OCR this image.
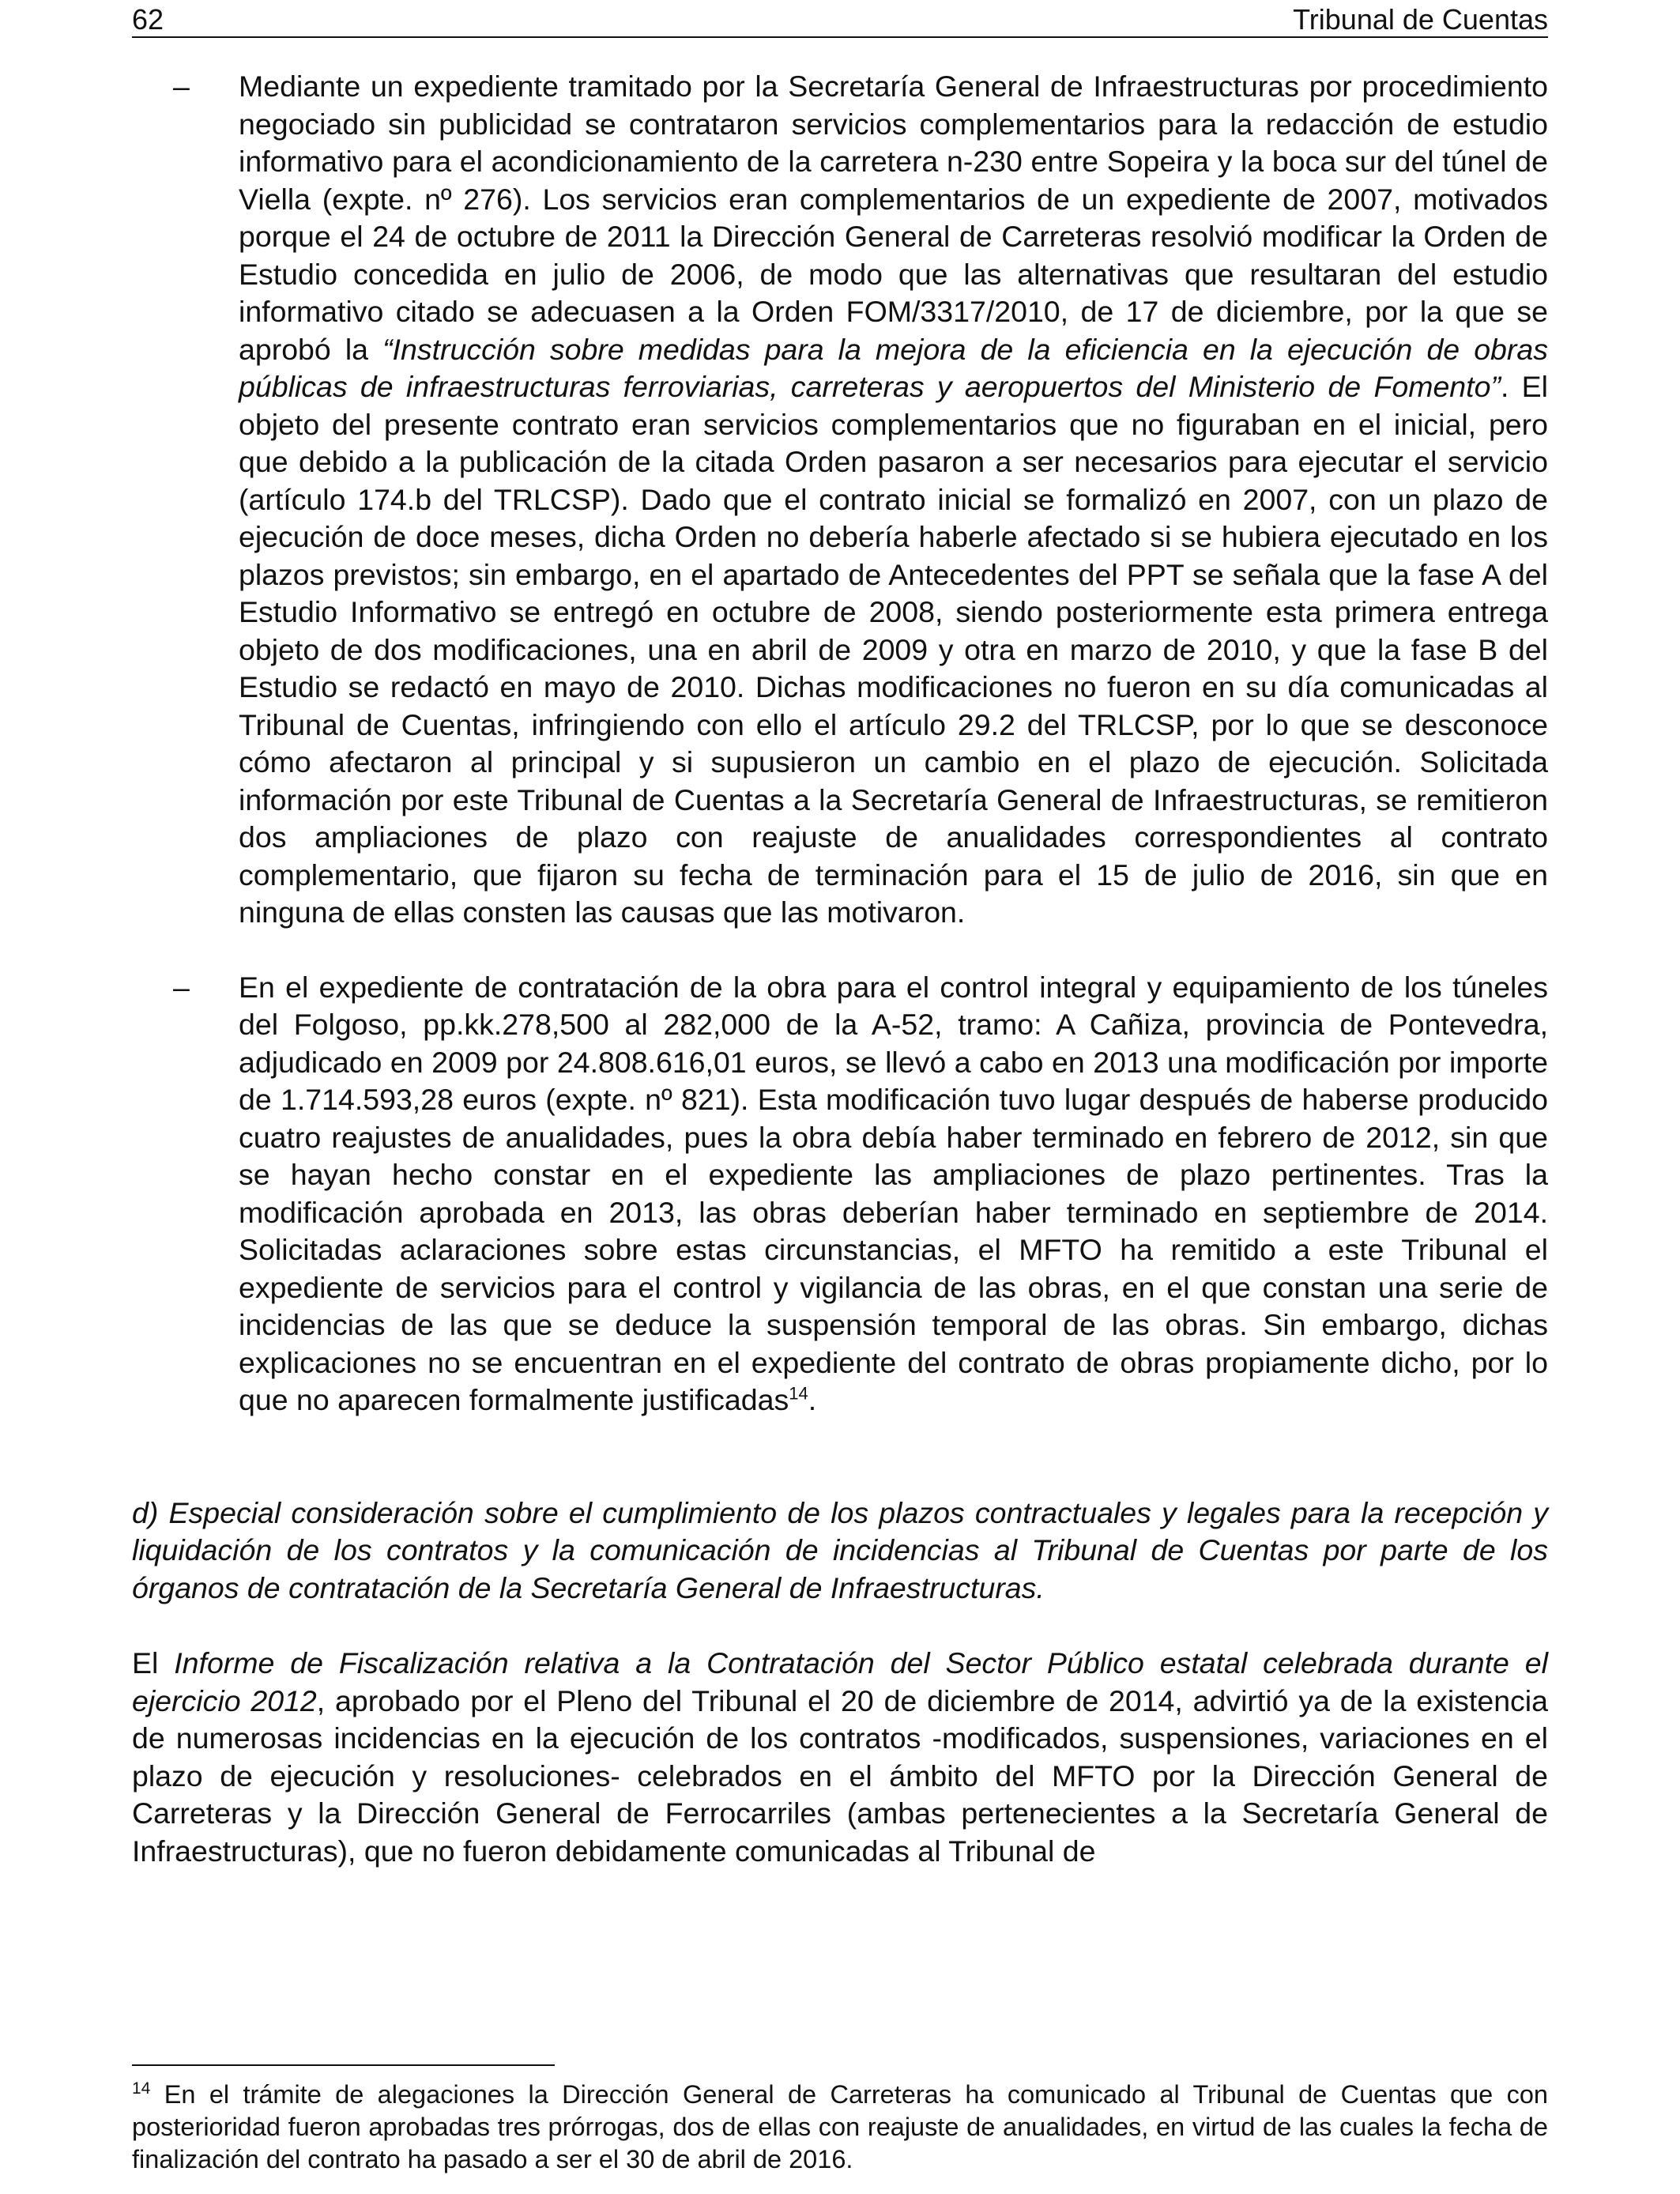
62	Tribunal de Cuentas
– Mediante un expediente tramitado por la Secretaría General de Infraestructuras por procedimiento negociado sin publicidad se contrataron servicios complementarios para la redacción de estudio informativo para el acondicionamiento de la carretera n-230 entre Sopeira y la boca sur del túnel de Viella (expte. nº 276). Los servicios eran complementarios de un expediente de 2007, motivados porque el 24 de octubre de 2011 la Dirección General de Carreteras resolvió modificar la Orden de Estudio concedida en julio de 2006, de modo que las alternativas que resultaran del estudio informativo citado se adecuasen a la Orden FOM/3317/2010, de 17 de diciembre, por la que se aprobó la “Instrucción sobre medidas para la mejora de la eficiencia en la ejecución de obras públicas de infraestructuras ferroviarias, carreteras y aeropuertos del Ministerio de Fomento”. El objeto del presente contrato eran servicios complementarios que no figuraban en el inicial, pero que debido a la publicación de la citada Orden pasaron a ser necesarios para ejecutar el servicio (artículo 174.b del TRLCSP). Dado que el contrato inicial se formalizó en 2007, con un plazo de ejecución de doce meses, dicha Orden no debería haberle afectado si se hubiera ejecutado en los plazos previstos; sin embargo, en el apartado de Antecedentes del PPT se señala que la fase A del Estudio Informativo se entregó en octubre de 2008, siendo posteriormente esta primera entrega objeto de dos modificaciones, una en abril de 2009 y otra en marzo de 2010, y que la fase B del Estudio se redactó en mayo de 2010. Dichas modificaciones no fueron en su día comunicadas al Tribunal de Cuentas, infringiendo con ello el artículo 29.2 del TRLCSP, por lo que se desconoce cómo afectaron al principal y si supusieron un cambio en el plazo de ejecución. Solicitada información por este Tribunal de Cuentas a la Secretaría General de Infraestructuras, se remitieron dos ampliaciones de plazo con reajuste de anualidades correspondientes al contrato complementario, que fijaron su fecha de terminación para el 15 de julio de 2016, sin que en ninguna de ellas consten las causas que las motivaron.

– En el expediente de contratación de la obra para el control integral y equipamiento de los túneles del Folgoso, pp.kk.278,500 al 282,000 de la A-52, tramo: A Cañiza, provincia de Pontevedra, adjudicado en 2009 por 24.808.616,01 euros, se llevó a cabo en 2013 una modificación por importe de 1.714.593,28 euros (expte. nº 821). Esta modificación tuvo lugar después de haberse producido cuatro reajustes de anualidades, pues la obra debía haber terminado en febrero de 2012, sin que se hayan hecho constar en el expediente las ampliaciones de plazo pertinentes. Tras la modificación aprobada en 2013, las obras deberían haber terminado en septiembre de 2014. Solicitadas aclaraciones sobre estas circunstancias, el MFTO ha remitido a este Tribunal el expediente de servicios para el control y vigilancia de las obras, en el que constan una serie de incidencias de las que se deduce la suspensión temporal de las obras. Sin embargo, dichas explicaciones no se encuentran en el expediente del contrato de obras propiamente dicho, por lo que no aparecen formalmente justificadas$^{14}$.

d) Especial consideración sobre el cumplimiento de los plazos contractuales y legales para la recepción y liquidación de los contratos y la comunicación de incidencias al Tribunal de Cuentas por parte de los órganos de contratación de la Secretaría General de Infraestructuras.

El Informe de Fiscalización relativa a la Contratación del Sector Público estatal celebrada durante el ejercicio 2012, aprobado por el Pleno del Tribunal el 20 de diciembre de 2014, advirtió ya de la existencia de numerosas incidencias en la ejecución de los contratos -modificados, suspensiones, variaciones en el plazo de ejecución y resoluciones- celebrados en el ámbito del MFTO por la Dirección General de Carreteras y la Dirección General de Ferrocarriles (ambas pertenecientes a la Secretaría General de Infraestructuras), que no fueron debidamente comunicadas al Tribunal de

$^{14}$ En el trámite de alegaciones la Dirección General de Carreteras ha comunicado al Tribunal de Cuentas que con posterioridad fueron aprobadas tres prórrogas, dos de ellas con reajuste de anualidades, en virtud de las cuales la fecha de finalización del contrato ha pasado a ser el 30 de abril de 2016.
